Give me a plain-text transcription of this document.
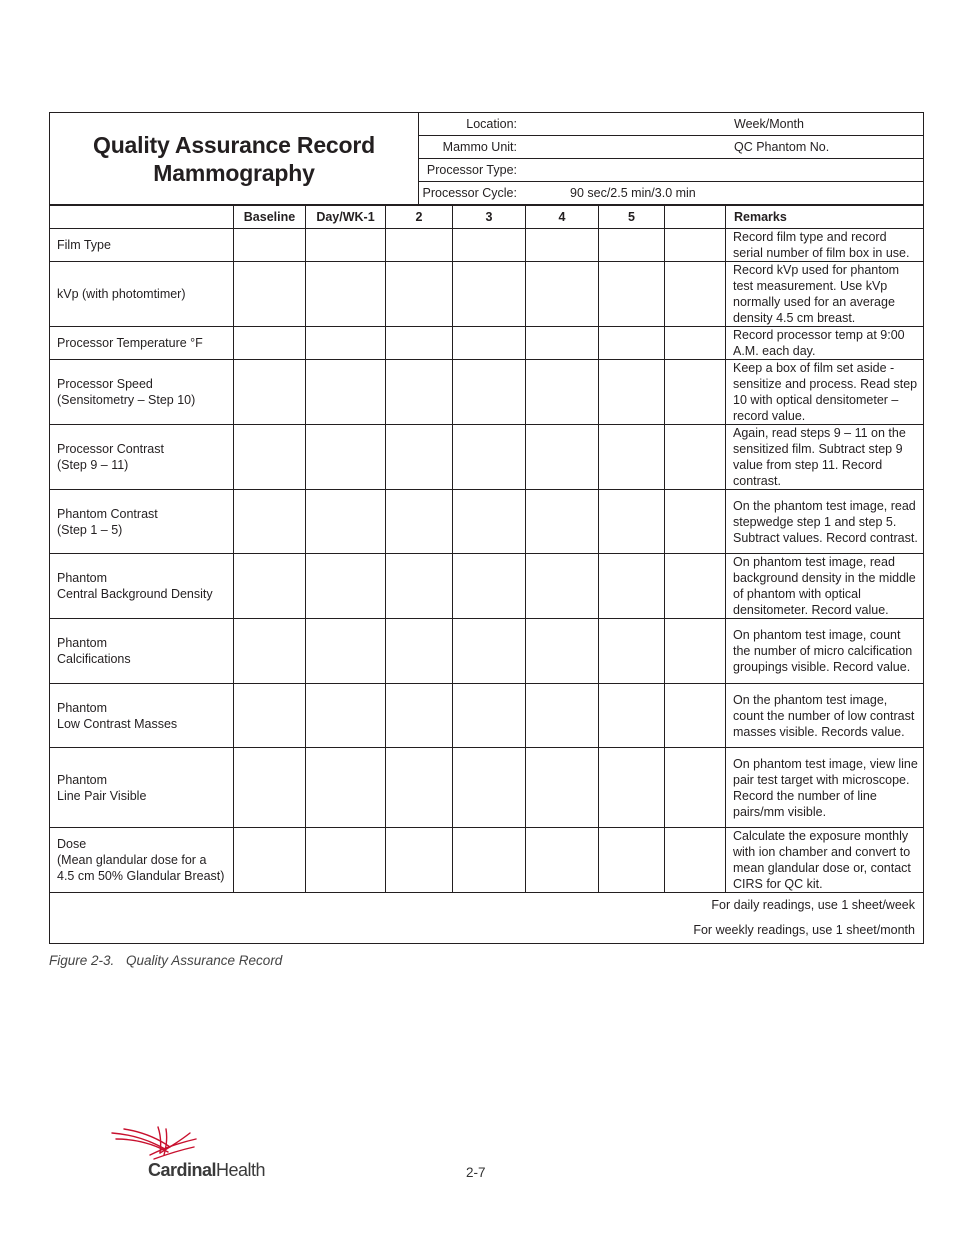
Quality Assurance Record
Mammography

Location:	Week/Month

Mammo Unit:	QC Phantom No.

Processor Type:

Processor Cycle:	90 sec/2.5 min/3.0 min
	Baseline	Day/WK-1	2	3	4	5		Remarks
Film Type								Record film type and record serial number of film box in use.
kVp (with photomtimer)								Record kVp used for phantom test measurement. Use kVp normally used for an average density 4.5 cm breast.
Processor Temperature °F								Record processor temp at 9:00 A.M. each day.
Processor Speed
(Sensitometry – Step 10)								Keep a box of film set aside - sensitize and process. Read step 10 with optical densitometer – record value.
Processor Contrast
(Step 9 – 11)								Again, read steps 9 – 11 on the sensitized film. Subtract step 9 value from step 11. Record contrast.
Phantom Contrast
(Step 1 – 5)								On the phantom test image, read stepwedge step 1 and step 5. Subtract values. Record contrast.
Phantom
Central Background Density								On phantom test image, read background density in the middle of phantom with optical densitometer. Record value.
Phantom
Calcifications								On phantom test image, count the number of micro calcification groupings visible. Record value.
Phantom
Low Contrast Masses								On the phantom test image, count the number of low contrast masses visible. Records value.
Phantom
Line Pair Visible								On phantom test image, view line pair test target with microscope. Record the number of line pairs/mm visible.
Dose
(Mean glandular dose for a
4.5 cm 50% Glandular Breast)								Calculate the exposure monthly with ion chamber and convert to mean glandular dose or, contact CIRS for QC kit.

For daily readings, use 1 sheet/week
For weekly readings, use 1 sheet/month								
Figure 2-3. Quality Assurance Record
CardinalHealth	2-7
